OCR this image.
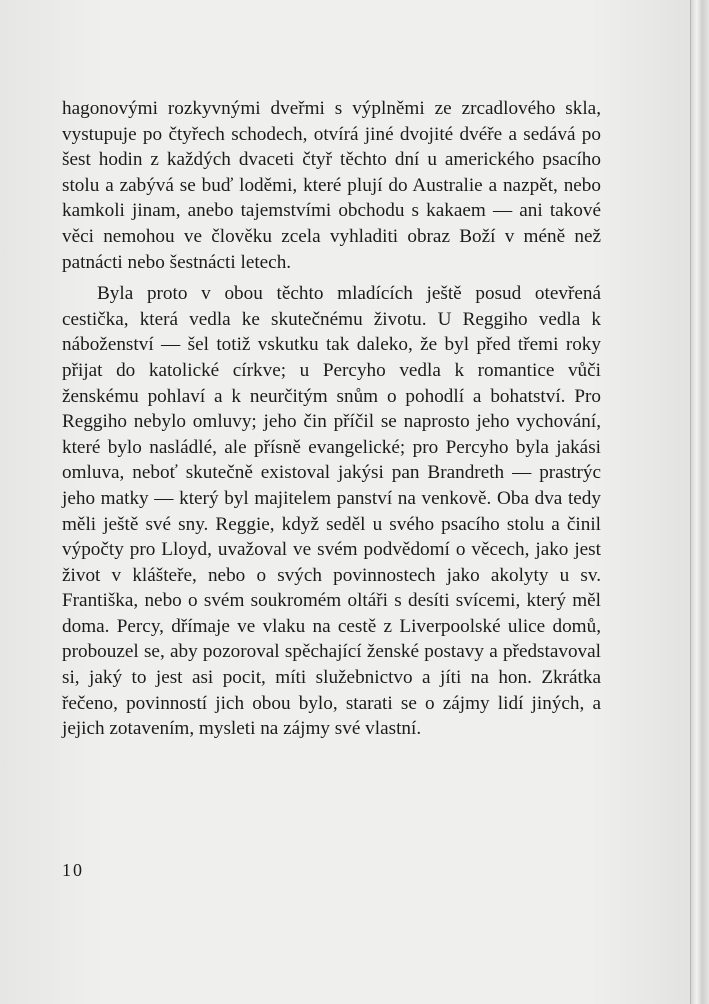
hagonovými rozkyvnými dveřmi s výplněmi ze zrcadlového skla, vystupuje po čtyřech schodech, otvírá jiné dvojité dvéře a sedává po šest hodin z každých dvaceti čtyř těchto dní u amerického psacího stolu a zabývá se buď loděmi, které plují do Australie a nazpět, nebo kamkoli jinam, anebo tajemstvími obchodu s kakaem — ani takové věci nemohou ve člověku zcela vyhladiti obraz Boží v méně než patnácti nebo šestnácti letech.

Byla proto v obou těchto mladících ještě posud otevřená cestička, která vedla ke skutečnému životu. U Reggiho vedla k náboženství — šel totiž vskutku tak daleko, že byl před třemi roky přijat do katolické církve; u Percyho vedla k romantice vůči ženskému pohlaví a k neurčitým snům o pohodlí a bohatství. Pro Reggiho nebylo omluvy; jeho čin příčil se naprosto jeho vychování, které bylo nasládlé, ale přísně evangelické; pro Percyho byla jakási omluva, neboť skutečně existoval jakýsi pan Brandreth — prastrýc jeho matky — který byl majitelem panství na venkově. Oba dva tedy měli ještě své sny. Reggie, když seděl u svého psacího stolu a činil výpočty pro Lloyd, uvažoval ve svém podvědomí o věcech, jako jest život v klášteře, nebo o svých povinnostech jako akolyty u sv. Františka, nebo o svém soukromém oltáři s desíti svícemi, který měl doma. Percy, dřímaje ve vlaku na cestě z Liverpoolské ulice domů, probouzel se, aby pozoroval spěchající ženské postavy a představoval si, jaký to jest asi pocit, míti služebnictvo a jíti na hon. Zkrátka řečeno, povinností jich obou bylo, starati se o zájmy lidí jiných, a jejich zotavením, mysleti na zájmy své vlastní.

10
